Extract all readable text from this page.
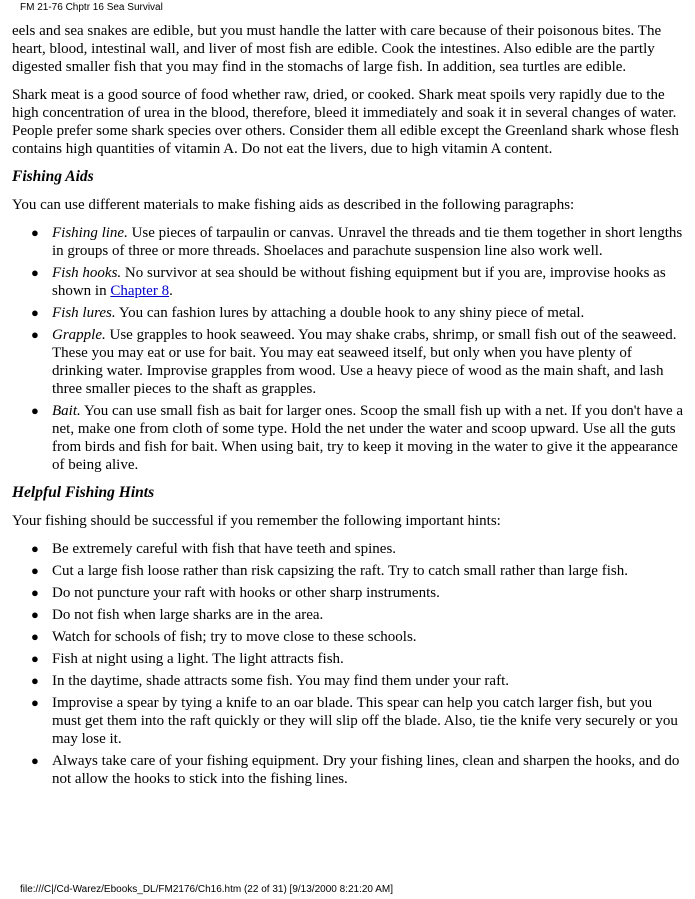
FM 21-76 Chptr 16 Sea Survival

eels and sea snakes are edible, but you must handle the latter with care because of their poisonous bites. The heart, blood, intestinal wall, and liver of most fish are edible. Cook the intestines. Also edible are the partly digested smaller fish that you may find in the stomachs of large fish. In addition, sea turtles are edible.

Shark meat is a good source of food whether raw, dried, or cooked. Shark meat spoils very rapidly due to the high concentration of urea in the blood, therefore, bleed it immediately and soak it in several changes of water. People prefer some shark species over others. Consider them all edible except the Greenland shark whose flesh contains high quantities of vitamin A. Do not eat the livers, due to high vitamin A content.

Fishing Aids

You can use different materials to make fishing aids as described in the following paragraphs:

● Fishing line. Use pieces of tarpaulin or canvas. Unravel the threads and tie them together in short lengths in groups of three or more threads. Shoelaces and parachute suspension line also work well.
● Fish hooks. No survivor at sea should be without fishing equipment but if you are, improvise hooks as shown in Chapter 8.
● Fish lures. You can fashion lures by attaching a double hook to any shiny piece of metal.
● Grapple. Use grapples to hook seaweed. You may shake crabs, shrimp, or small fish out of the seaweed. These you may eat or use for bait. You may eat seaweed itself, but only when you have plenty of drinking water. Improvise grapples from wood. Use a heavy piece of wood as the main shaft, and lash three smaller pieces to the shaft as grapples.
● Bait. You can use small fish as bait for larger ones. Scoop the small fish up with a net. If you don't have a net, make one from cloth of some type. Hold the net under the water and scoop upward. Use all the guts from birds and fish for bait. When using bait, try to keep it moving in the water to give it the appearance of being alive.
Helpful Fishing Hints

Your fishing should be successful if you remember the following important hints:

● Be extremely careful with fish that have teeth and spines.
● Cut a large fish loose rather than risk capsizing the raft. Try to catch small rather than large fish.
● Do not puncture your raft with hooks or other sharp instruments.
● Do not fish when large sharks are in the area.
● Watch for schools of fish; try to move close to these schools.
● Fish at night using a light. The light attracts fish.
● In the daytime, shade attracts some fish. You may find them under your raft.
● Improvise a spear by tying a knife to an oar blade. This spear can help you catch larger fish, but you must get them into the raft quickly or they will slip off the blade. Also, tie the knife very securely or you may lose it.
● Always take care of your fishing equipment. Dry your fishing lines, clean and sharpen the hooks, and do not allow the hooks to stick into the fishing lines.
file:///C|/Cd-Warez/Ebooks_DL/FM2176/Ch16.htm (22 of 31) [9/13/2000 8:21:20 AM]
